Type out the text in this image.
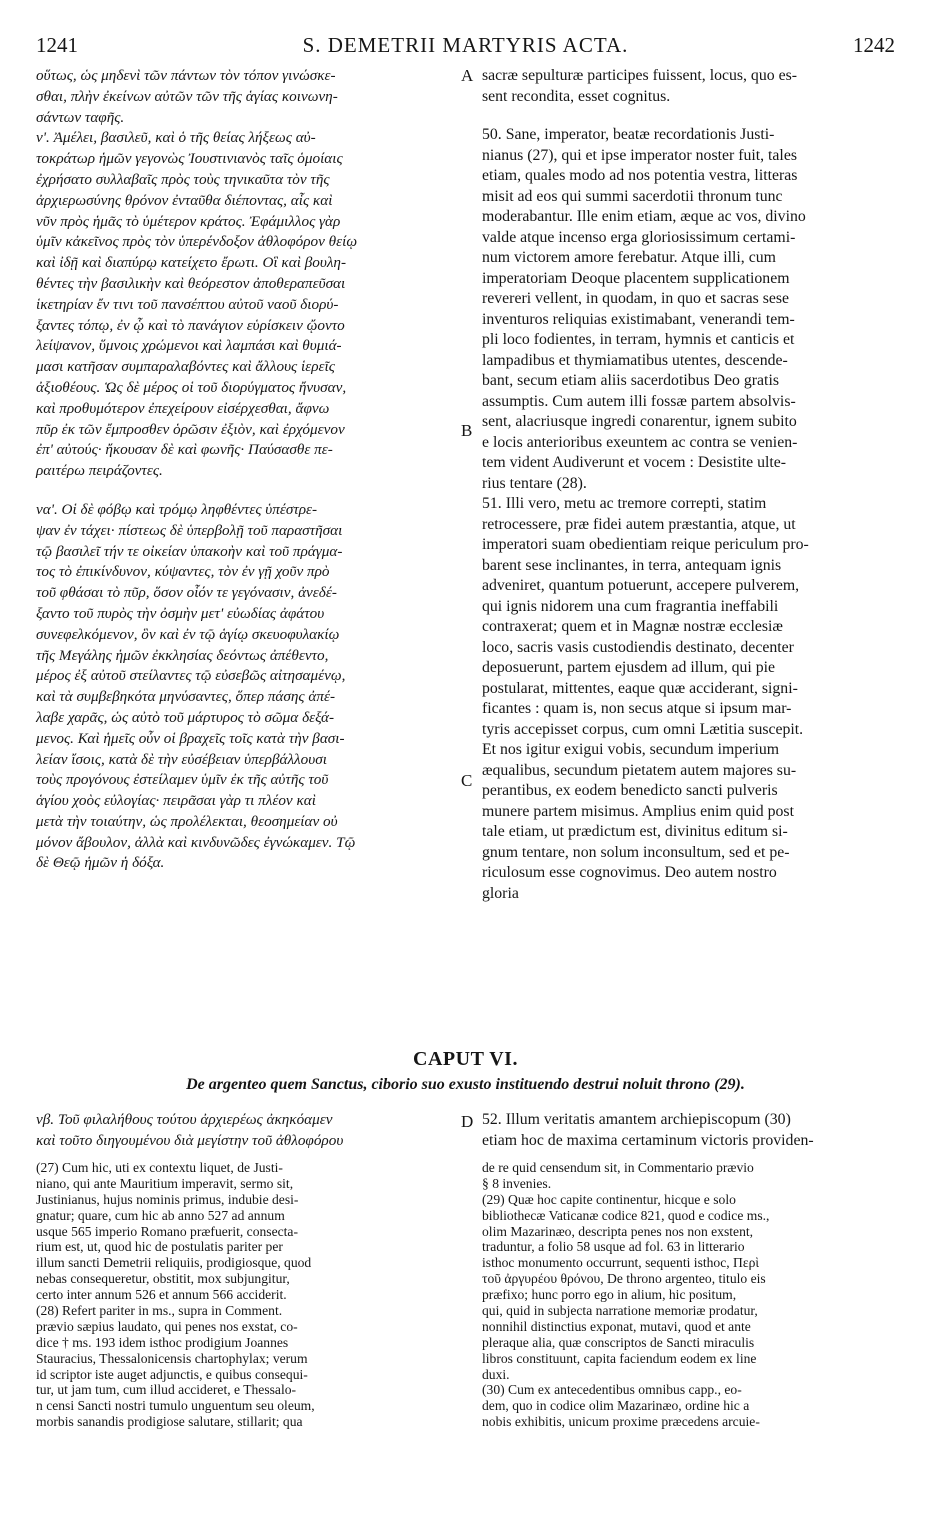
1241	S. DEMETRII MARTYRIS ACTA.	1242
οὕτως, ὡς μηδενὶ τῶν πάντων τὸν τόπον γινώσκε-
σθαι, πλὴν ἐκείνων αὐτῶν τῶν τῆς ἁγίας κοινωνη-
σάντων ταφῆς.
ν'. Ἀμέλει, βασιλεῦ, καὶ ὁ τῆς θείας λήξεως αὐ-
τοκράτωρ ἡμῶν γεγονὼς Ἰουστινιανὸς ταῖς ὁμοίαις
ἐχρήσατο συλλαβαῖς πρὸς τοὺς τηνικαῦτα τὸν τῆς
ἀρχιερωσύνης θρόνον ἐνταῦθα διέποντας, αἷς καὶ
νῦν πρὸς ἡμᾶς τὸ ὑμέτερον κράτος. Ἐφάμιλλος γὰρ
ὑμῖν κἀκεῖνος πρὸς τὸν ὑπερένδοξον ἀθλοφόρον θείῳ
καὶ ἰδῇ καὶ διαπύρῳ κατείχετο ἔρωτι. Οἳ καὶ βουλη-
θέντες τὴν βασιλικὴν καὶ θεόρεστον ἀποθεραπεῦσαι
ἱκετηρίαν ἔν τινι τοῦ πανσέπτου αὐτοῦ ναοῦ διορύ-
ξαντες τόπῳ, ἐν ᾧ καὶ τὸ πανάγιον εὑρίσκειν ᾤοντο
λείψανον, ὕμνοις χρώμενοι καὶ λαμπάσι καὶ θυμιά-
μασι κατῆσαν συμπαραλαβόντες καὶ ἄλλους ἱερεῖς
ἀξιοθέους. Ὡς δὲ μέρος οἱ τοῦ διορύγματος ἤνυσαν,
καὶ προθυμότερον ἐπεχείρουν εἰσέρχεσθαι, ἄφνω
πῦρ ἐκ τῶν ἔμπροσθεν ὁρῶσιν ἐξιὸν, καὶ ἐρχόμενον
ἐπ' αὐτούς· ἤκουσαν δὲ καὶ φωνῆς· Παύσασθε πε-
ραιτέρω πειράζοντες.
να'. Οἱ δὲ φόβῳ καὶ τρόμῳ ληφθέντες ὑπέστρε-
ψαν ἐν τάχει· πίστεως δὲ ὑπερβολῇ τοῦ παραστῆσαι
τῷ βασιλεῖ τήν τε οἰκείαν ὑπακοὴν καὶ τοῦ πράγμα-
τος τὸ ἐπικίνδυνον, κύψαντες, τὸν ἐν γῇ χοῦν πρὸ
τοῦ φθάσαι τὸ πῦρ, ὅσον οἷόν τε γεγόνασιν, ἀνεδέ-
ξαντο τοῦ πυρὸς τὴν ὀσμὴν μετ' εὐωδίας ἀφάτου
συνεφελκόμενον, ὃν καὶ ἐν τῷ ἁγίῳ σκευοφυλακίῳ
τῆς Μεγάλης ἡμῶν ἐκκλησίας δεόντως ἀπέθεντο,
μέρος ἐξ αὐτοῦ στείλαντες τῷ εὐσεβῶς αἰτησαμένῳ,
καὶ τὰ συμβεβηκότα μηνύσαντες, ὅπερ πάσης ἀπέ-
λαβε χαρᾶς, ὡς αὐτὸ τοῦ μάρτυρος τὸ σῶμα δεξά-
μενος. Καὶ ἡμεῖς οὖν οἱ βραχεῖς τοῖς κατὰ τὴν βασι-
λείαν ἴσοις, κατὰ δὲ τὴν εὐσέβειαν ὑπερβάλλουσι
τοὺς προγόνους ἐστείλαμεν ὑμῖν ἐκ τῆς αὐτῆς τοῦ
ἁγίου χοὸς εὐλογίας· πειρᾶσαι γὰρ τι πλέον καὶ
μετὰ τὴν τοιαύτην, ὡς προλέλεκται, θεοσημείαν οὐ
μόνον ἄβουλον, ἀλλὰ καὶ κινδυνῶδες ἐγνώκαμεν. Τῷ
δὲ Θεῷ ἡμῶν ἡ δόξα.
sacræ sepulturæ participes fuissent, locus, quo es-
sent recondita, esset cognitus.
50. Sane, imperator, beatæ recordationis Justi-
nianus (27), qui et ipse imperator noster fuit, tales
etiam, quales modo ad nos potentia vestra, litteras
misit ad eos qui summi sacerdotii thronum tunc
moderabantur. Ille enim etiam, æque ac vos, divino
valde atque incenso erga gloriosissimum certami-
num victorem amore ferebatur. Atque illi, cum
imperatoriam Deoque placentem supplicationem
revereri vellent, in quodam, in quo et sacras sese
inventuros reliquias existimabant, venerandi tem-
pli loco fodientes, in terram, hymnis et canticis et
lampadibus et thymiamatibus utentes, descende-
bant, secum etiam aliis sacerdotibus Deo gratis
assumptis. Cum autem illi fossæ partem absolvis-
sent, alacriusque ingredi conarentur, ignem subito
e locis anterioribus exeuntem ac contra se venien-
tem vident Audiverunt et vocem : Desistite ulte-
rius tentare (28).
51. Illi vero, metu ac tremore correpti, statim
retrocessere, præ fidei autem præstantia, atque, ut
imperatori suam obedientiam reique periculum pro-
barent sese inclinantes, in terra, antequam ignis
adveniret, quantum potuerunt, acceperе pulverem,
qui ignis nidorem una cum fragrantia ineffabili
contraxerat; quem et in Magnæ nostræ ecclesiæ
loco, sacris vasis custodiendis destinato, decenter
deposuerunt, partem ejusdem ad illum, qui pie
postularat, mittentes, eaque quæ acciderant, signi-
ficantes : quam is, non secus atque si ipsum mar-
tyris accepisset corpus, cum omni Lætitia suscepit.
Et nos igitur exigui vobis, secundum imperium
æqualibus, secundum pietatem autem majores su-
perantibus, ex eodem benedicto sancti pulveris
munere partem misimus. Amplius enim quid post
tale etiam, ut prædictum est, divinitus editum si-
gnum tentare, non solum inconsultum, sed et pe-
riculosum esse cognovimus. Deo autem nostro
gloria
A
B
C
D
CAPUT VI.
De argenteo quem Sanctus, ciborio suo exusto instituendo destrui noluit throno (29).
νβ. Τοῦ φιλαλήθους τούτου ἀρχιερέως ἀκηκόαμεν
καὶ τοῦτο διηγουμένου διὰ μεγίστην τοῦ ἀθλοφόρου
52. Illum veritatis amantem archiepiscopum (30)
etiam hoc de maxima certaminum victoris providen-
(27) Cum hic, uti ex contextu liquet, de Justi-
niano, qui ante Mauritium imperavit, sermo sit,
Justinianus, hujus nominis primus, indubie desi-
gnatur; quare, cum hic ab anno 527 ad annum
usque 565 imperio Romano præfuerit, consecta-
rium est, ut, quod hic de postulatis pariter per
illum sancti Demetrii reliquiis, prodigiosque, quod
nebas consequeretur, obstitit, mox subjungitur,
certo inter annum 526 et annum 566 acciderit.
(28) Refert pariter in ms., supra in Comment.
prævio sæpius laudato, qui penes nos exstat, co-
dice † ms. 193 idem isthoc prodigium Joannes
Stauracius, Thessalonicensis chartophylax; verum
id scriptor iste auget adjunctis, e quibus consequi-
tur, ut jam tum, cum illud accideret, e Thessalo-
n censi Sancti nostri tumulo unguentum seu oleum,
morbis sanandis prodigiose salutare, stillarit; qua
de re quid censendum sit, in Commentario prævio
§ 8 invenies.
(29) Quæ hoc capite continentur, hicque e solo
bibliothecæ Vaticanæ codice 821, quod e codice ms.,
olim Mazarinæo, descripta penes nos non exstent,
traduntur, a folio 58 usque ad fol. 63 in litterario
isthoc monumento occurrunt, sequenti isthoc, Περὶ
τοῦ ἀργυρέου θρόνου, De throno argenteo, titulo eis
præfixo; hunc porro ego in alium, hic positum,
qui, quid in subjecta narratione memoriæ prodatur,
nonnihil distinctius exponat, mutavi, quod et ante
pleraque alia, quæ conscriptos de Sancti miraculis
libros constituunt, capita faciendum eodem ex line
duxi.
(30) Cum ex antecedentibus omnibus capp., eo-
dem, quo in codice olim Mazarinæo, ordine hic a
nobis exhibitis, unicum proxime præcedens arcuie-
